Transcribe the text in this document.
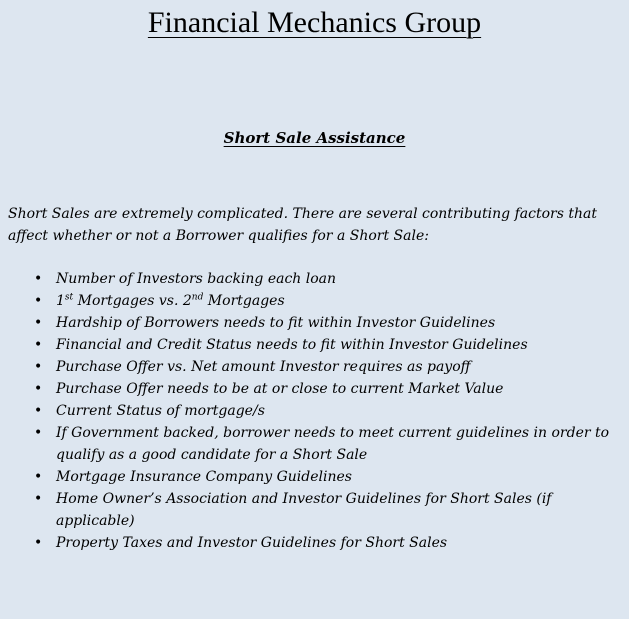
Financial Mechanics Group
Short Sale Assistance

Short Sales are extremely complicated. There are several contributing factors that affect whether or not a Borrower qualifies for a Short Sale:

• Number of Investors backing each loan
• 1st Mortgages vs. 2nd Mortgages
• Hardship of Borrowers needs to fit within Investor Guidelines
• Financial and Credit Status needs to fit within Investor Guidelines
• Purchase Offer vs. Net amount Investor requires as payoff
• Purchase Offer needs to be at or close to current Market Value
• Current Status of mortgage/s
• If Government backed, borrower needs to meet current guidelines in order to qualify as a good candidate for a Short Sale
• Mortgage Insurance Company Guidelines
• Home Owner’s Association and Investor Guidelines for Short Sales (if applicable)
• Property Taxes and Investor Guidelines for Short Sales
